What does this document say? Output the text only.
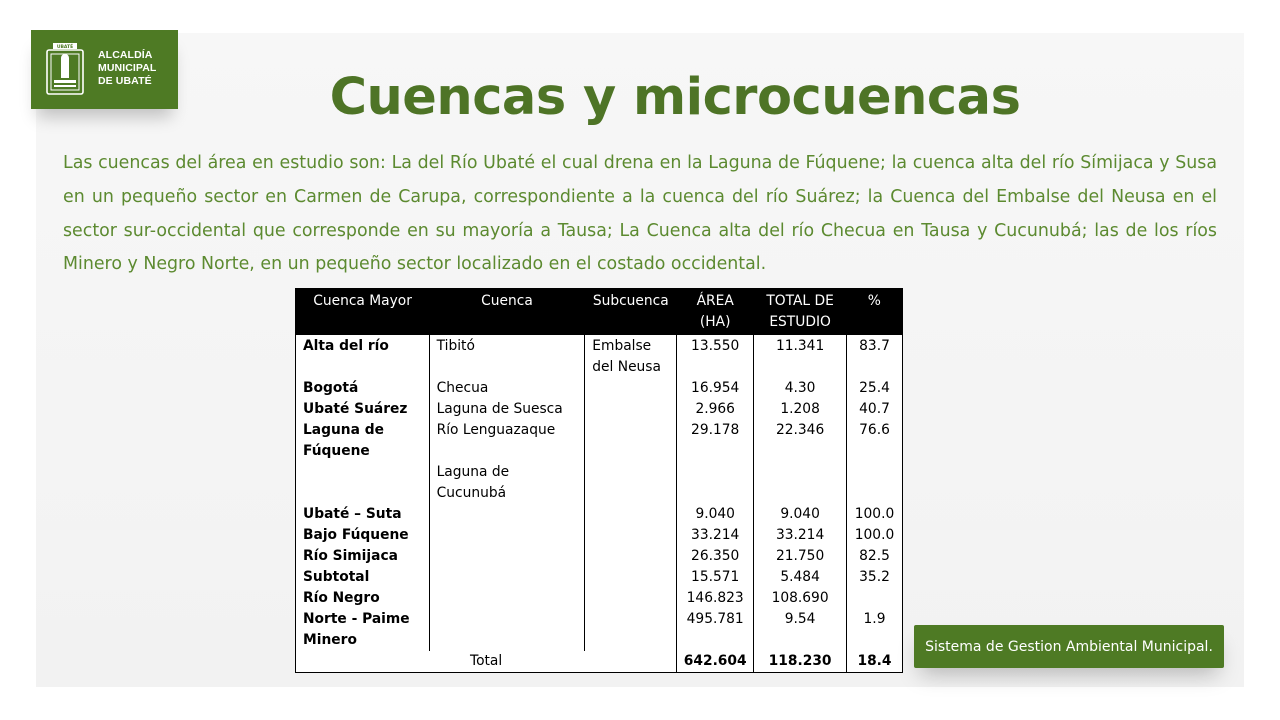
UBATÉ
ALCALDÍA
MUNICIPAL
DE UBATÉ	Cuencas y microcuencas

Las cuencas del área en estudio son: La del Río Ubaté el cual drena en la Laguna de Fúquene; la cuenca alta del río Símijaca y Susa en un pequeño sector en Carmen de Carupa, correspondiente a la cuenca del río Suárez; la Cuenca del Embalse del Neusa en el sector sur-occidental que corresponde en su mayoría a Tausa; La Cuenca alta del río Checua en Tausa y Cucunubá; las de los ríos Minero y Negro Norte, en un pequeño sector localizado en el costado occidental.

Cuenca Mayor	Cuenca	Subcuenca	ÁREA (HA)	TOTAL DE ESTUDIO	%
Alta del río	Tibitó	Embalse del Neusa	13.550	11.341	83.7
Bogotá	Checua		16.954	4.30	25.4
Ubaté Suárez	Laguna de Suesca		2.966	1.208	40.7
Laguna de Fúquene	Río Lenguazaque		29.178	22.346	76.6
	Laguna de Cucunubá				
Ubaté – Suta			9.040	9.040	100.0
Bajo Fúquene			33.214	33.214	100.0
Río Simijaca			26.350	21.750	82.5
Subtotal			15.571	5.484	35.2
Río Negro			146.823	108.690	
Norte - Paime			495.781	9.54	1.9
Minero					
Total			642.604	118.230	18.4
Sistema de Gestion Ambiental Municipal.
